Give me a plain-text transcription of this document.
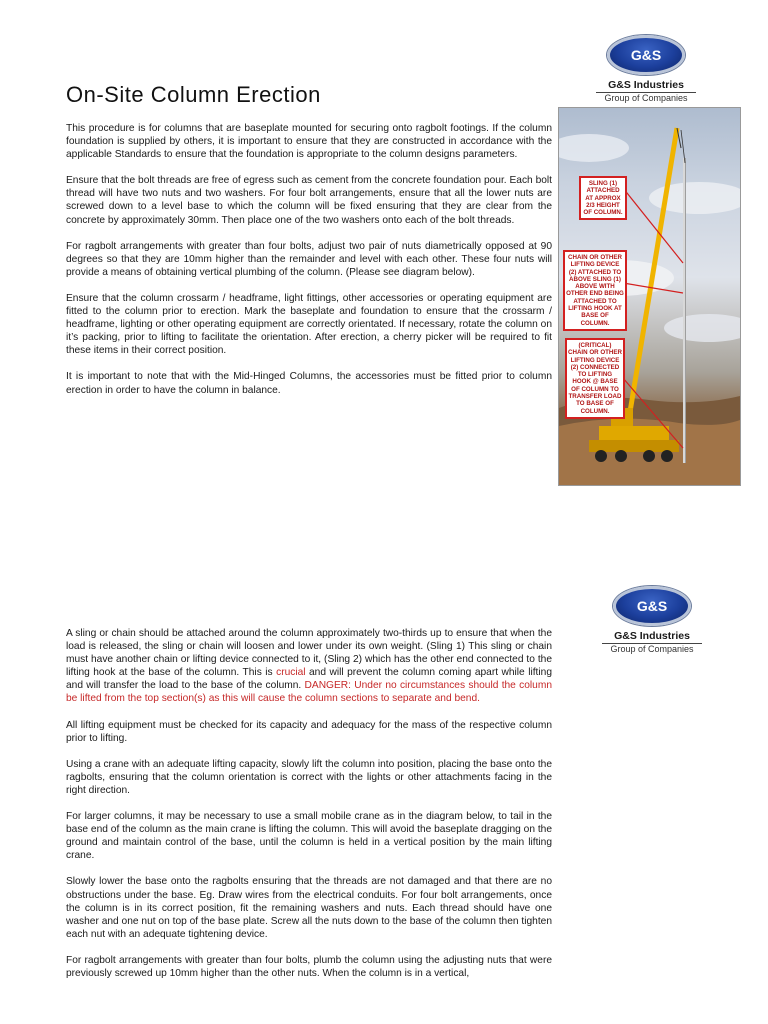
G&S
G&S Industries
Group of Companies
On-Site Column Erection

This procedure is for columns that are baseplate mounted for securing onto ragbolt footings. If the column foundation is supplied by others, it is important to ensure that they are constructed in accordance with the applicable Standards to ensure that the foundation is appropriate to the column designs parameters.

Ensure that the bolt threads are free of egress such as cement from the concrete foundation pour. Each bolt thread will have two nuts and two washers. For four bolt arrangements, ensure that all the lower nuts are screwed down to a level base to which the column will be fixed ensuring that they are clear from the concrete by approximately 30mm. Then place one of the two washers onto each of the bolt threads.

For ragbolt arrangements with greater than four bolts, adjust two pair of nuts diametrically opposed at 90 degrees so that they are 10mm higher than the remainder and level with each other. These four nuts will provide a means of obtaining vertical plumbing of the column. (Please see diagram below).

Ensure that the column crossarm / headframe, light fittings, other accessories or operating equipment are fitted to the column prior to erection. Mark the baseplate and foundation to ensure that the crossarm / headframe, lighting or other operating equipment are correctly orientated. If necessary, rotate the column on it’s packing, prior to lifting to facilitate the orientation. After erection, a cherry picker will be required to fit these items in their correct position.

It is important to note that with the Mid-Hinged Columns, the accessories must be fitted prior to column erection in order to have the column in balance.

SLING (1) ATTACHED AT APPROX 2/3 HEIGHT OF COLUMN.
CHAIN OR OTHER LIFTING DEVICE (2) ATTACHED TO ABOVE SLING (1) ABOVE WITH OTHER END BEING ATTACHED TO LIFTING HOOK AT BASE OF COLUMN.
(CRITICAL) CHAIN OR OTHER LIFTING DEVICE (2) CONNECTED TO LIFTING HOOK @ BASE OF COLUMN TO TRANSFER LOAD TO BASE OF COLUMN.
G&S
G&S Industries
Group of Companies

A sling or chain should be attached around the column approximately two-thirds up to ensure that when the load is released, the sling or chain will loosen and lower under its own weight. (Sling 1) This sling or chain must have another chain or lifting device connected to it, (Sling 2) which has the other end connected to the lifting hook at the base of the column. This is crucial and will prevent the column coming apart while lifting and will transfer the load to the base of the column. DANGER: Under no circumstances should the column be lifted from the top section(s) as this will cause the column sections to separate and bend.

All lifting equipment must be checked for its capacity and adequacy for the mass of the respective column prior to lifting.

Using a crane with an adequate lifting capacity, slowly lift the column into position, placing the base onto the ragbolts, ensuring that the column orientation is correct with the lights or other attachments facing in the right direction.

For larger columns, it may be necessary to use a small mobile crane as in the diagram below, to tail in the base end of the column as the main crane is lifting the column. This will avoid the baseplate dragging on the ground and maintain control of the base, until the column is held in a vertical position by the main lifting crane.

Slowly lower the base onto the ragbolts ensuring that the threads are not damaged and that there are no obstructions under the base. Eg. Draw wires from the electrical conduits. For four bolt arrangements, once the column is in its correct position, fit the remaining washers and nuts. Each thread should have one washer and one nut on top of the base plate. Screw all the nuts down to the base of the column then tighten each nut with an adequate tightening device.

For ragbolt arrangements with greater than four bolts, plumb the column using the adjusting nuts that were previously screwed up 10mm higher than the other nuts. When the column is in a vertical,
